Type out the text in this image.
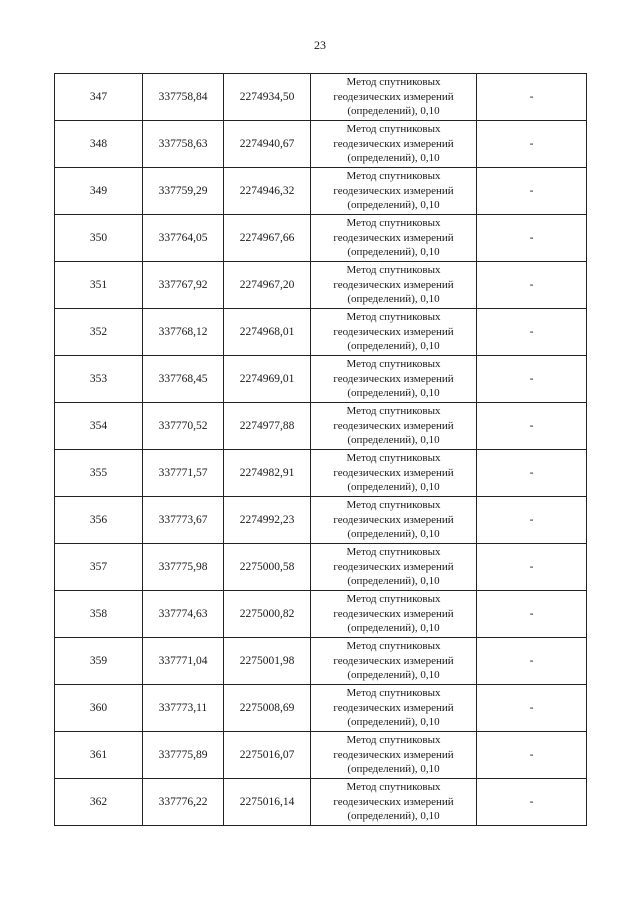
23
347	337758,84	2274934,50	Метод спутниковых
геодезических измерений
(определений), 0,10	-
348	337758,63	2274940,67	Метод спутниковых
геодезических измерений
(определений), 0,10	-
349	337759,29	2274946,32	Метод спутниковых
геодезических измерений
(определений), 0,10	-
350	337764,05	2274967,66	Метод спутниковых
геодезических измерений
(определений), 0,10	-
351	337767,92	2274967,20	Метод спутниковых
геодезических измерений
(определений), 0,10	-
352	337768,12	2274968,01	Метод спутниковых
геодезических измерений
(определений), 0,10	-
353	337768,45	2274969,01	Метод спутниковых
геодезических измерений
(определений), 0,10	-
354	337770,52	2274977,88	Метод спутниковых
геодезических измерений
(определений), 0,10	-
355	337771,57	2274982,91	Метод спутниковых
геодезических измерений
(определений), 0,10	-
356	337773,67	2274992,23	Метод спутниковых
геодезических измерений
(определений), 0,10	-
357	337775,98	2275000,58	Метод спутниковых
геодезических измерений
(определений), 0,10	-
358	337774,63	2275000,82	Метод спутниковых
геодезических измерений
(определений), 0,10	-
359	337771,04	2275001,98	Метод спутниковых
геодезических измерений
(определений), 0,10	-
360	337773,11	2275008,69	Метод спутниковых
геодезических измерений
(определений), 0,10	-
361	337775,89	2275016,07	Метод спутниковых
геодезических измерений
(определений), 0,10	-
362	337776,22	2275016,14	Метод спутниковых
геодезических измерений
(определений), 0,10	-
